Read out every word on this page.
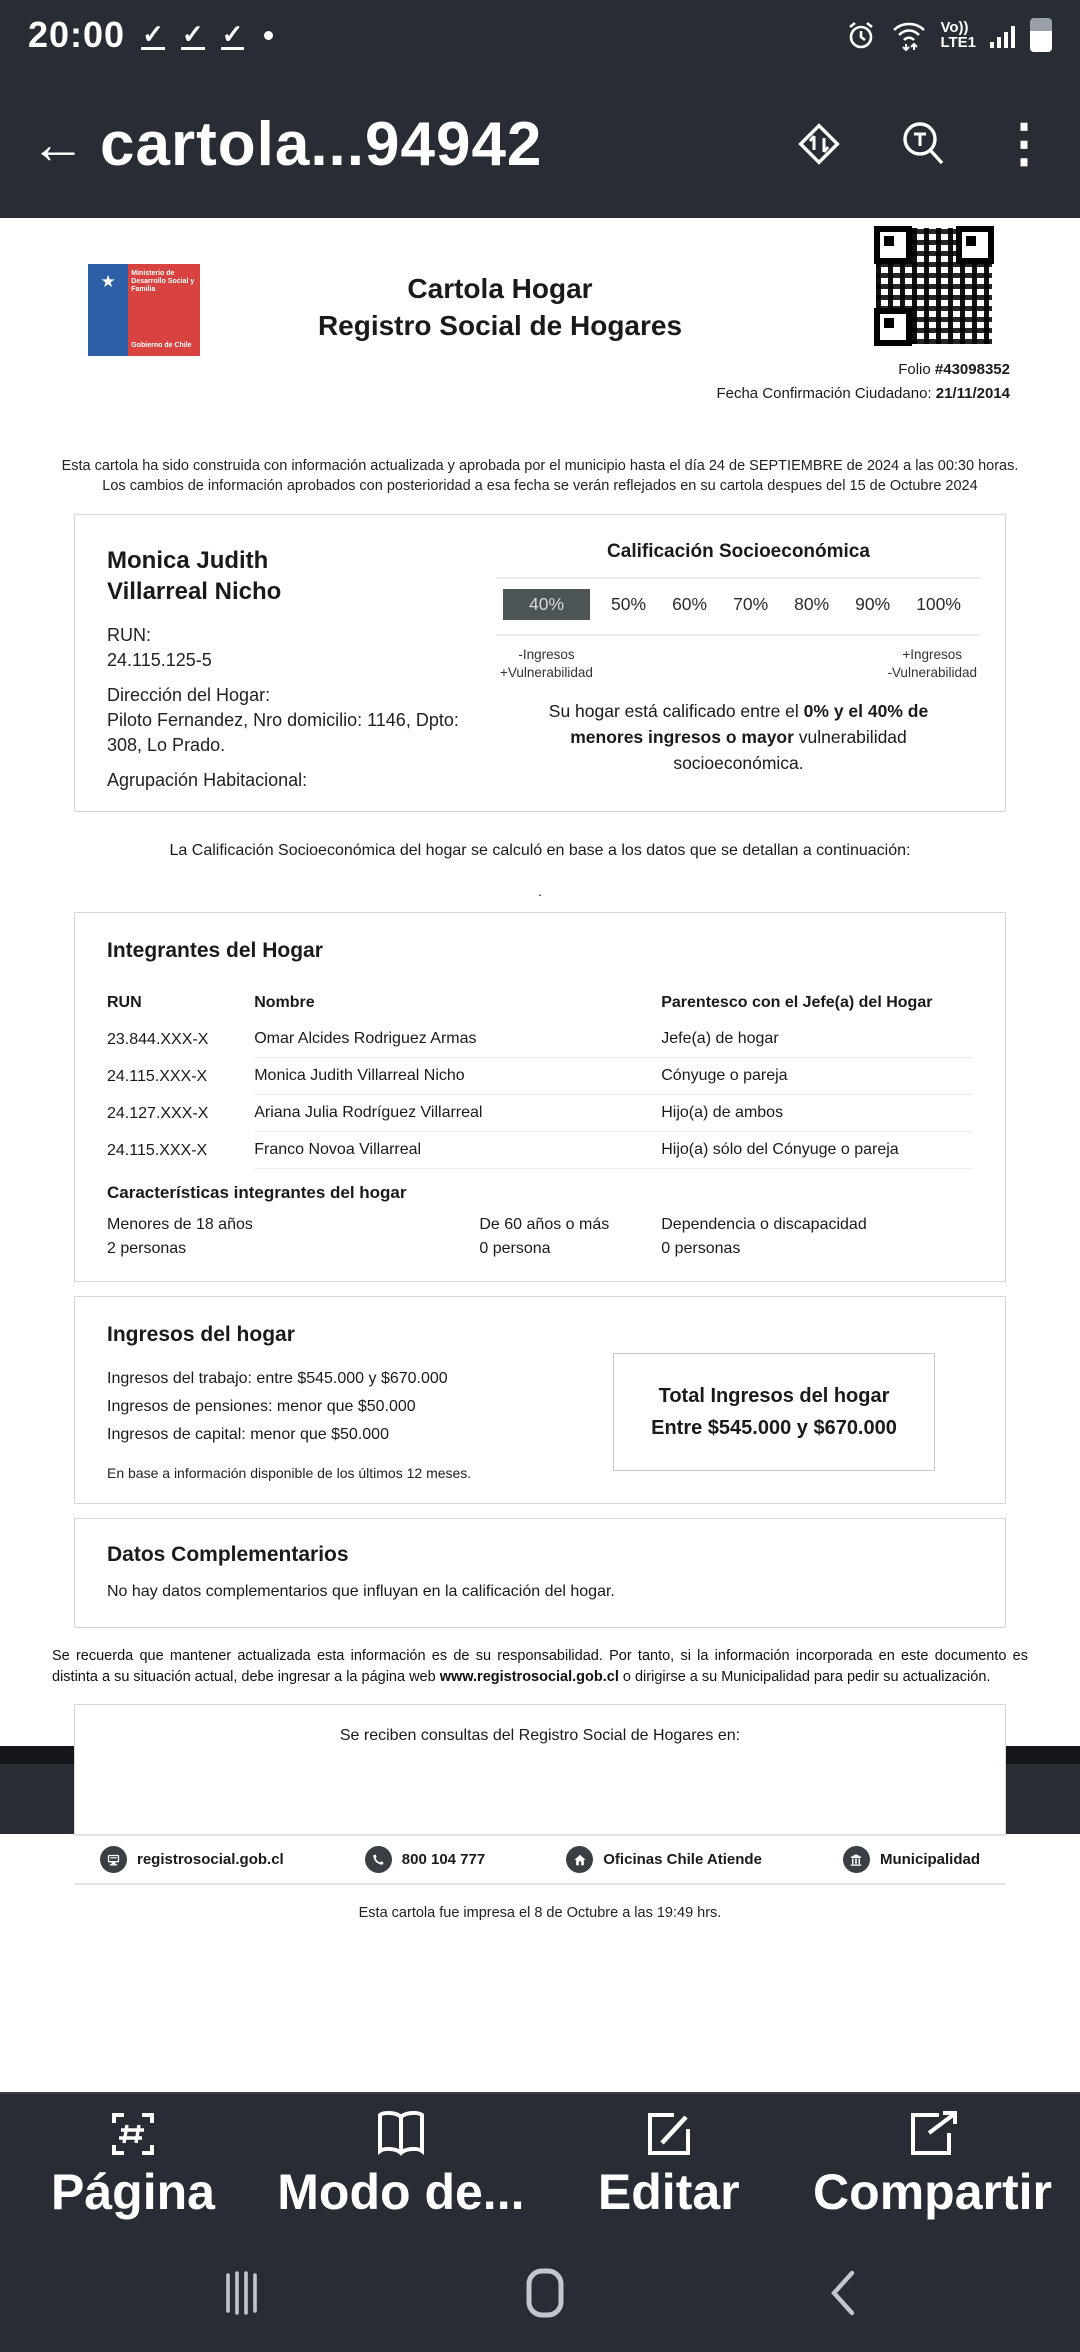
20:00 ✓ ✓ ✓	Vo))
LTE1
← cartola...94942	⋮
★	Ministerio de Desarrollo Social y Familia
Gobierno de Chile
Cartola Hogar
Registro Social de Hogares
Folio #43098352
Fecha Confirmación Ciudadano: 21/11/2014
Esta cartola ha sido construida con información actualizada y aprobada por el municipio hasta el día 24 de SEPTIEMBRE de 2024 a las 00:30 horas. Los cambios de información aprobados con posterioridad a esa fecha se verán reflejados en su cartola despues del 15 de Octubre 2024
Monica Judith Villarreal Nicho
RUN:
24.115.125-5
Dirección del Hogar:
Piloto Fernandez, Nro domicilio: 1146, Dpto: 308, Lo Prado.
Agrupación Habitacional:
Calificación Socioeconómica
40%	50%	60%	70%	80%	90%	100%
-Ingresos
+Vulnerabilidad
+Ingresos
-Vulnerabilidad
Su hogar está calificado entre el 0% y el 40% de menores ingresos o mayor vulnerabilidad socioeconómica.
La Calificación Socioeconómica del hogar se calculó en base a los datos que se detallan a continuación:
.
Integrantes del Hogar
RUN	Nombre	Parentesco con el Jefe(a) del Hogar
23.844.XXX-X	Omar Alcides Rodriguez Armas	Jefe(a) de hogar
24.115.XXX-X	Monica Judith Villarreal Nicho	Cónyuge o pareja
24.127.XXX-X	Ariana Julia Rodríguez Villarreal	Hijo(a) de ambos
24.115.XXX-X	Franco Novoa Villarreal	Hijo(a) sólo del Cónyuge o pareja
Características integrantes del hogar
Menores de 18 años
2 personas
De 60 años o más
0 persona
Dependencia o discapacidad
0 personas
Ingresos del hogar
Ingresos del trabajo: entre $545.000 y $670.000
Ingresos de pensiones: menor que $50.000
Ingresos de capital: menor que $50.000
En base a información disponible de los últimos 12 meses.
Total Ingresos del hogar
Entre $545.000 y $670.000
Datos Complementarios
No hay datos complementarios que influyan en la calificación del hogar.
Se recuerda que mantener actualizada esta información es de su responsabilidad. Por tanto, si la información incorporada en este documento es distinta a su situación actual, debe ingresar a la página web www.registrosocial.gob.cl o dirigirse a su Municipalidad para pedir su actualización.
Se reciben consultas del Registro Social de Hogares en:
registrosocial.gob.cl	800 104 777	Oficinas Chile Atiende	Municipalidad
Esta cartola fue impresa el 8 de Octubre a las 19:49 hrs.
Página Modo de... Editar Compartir
